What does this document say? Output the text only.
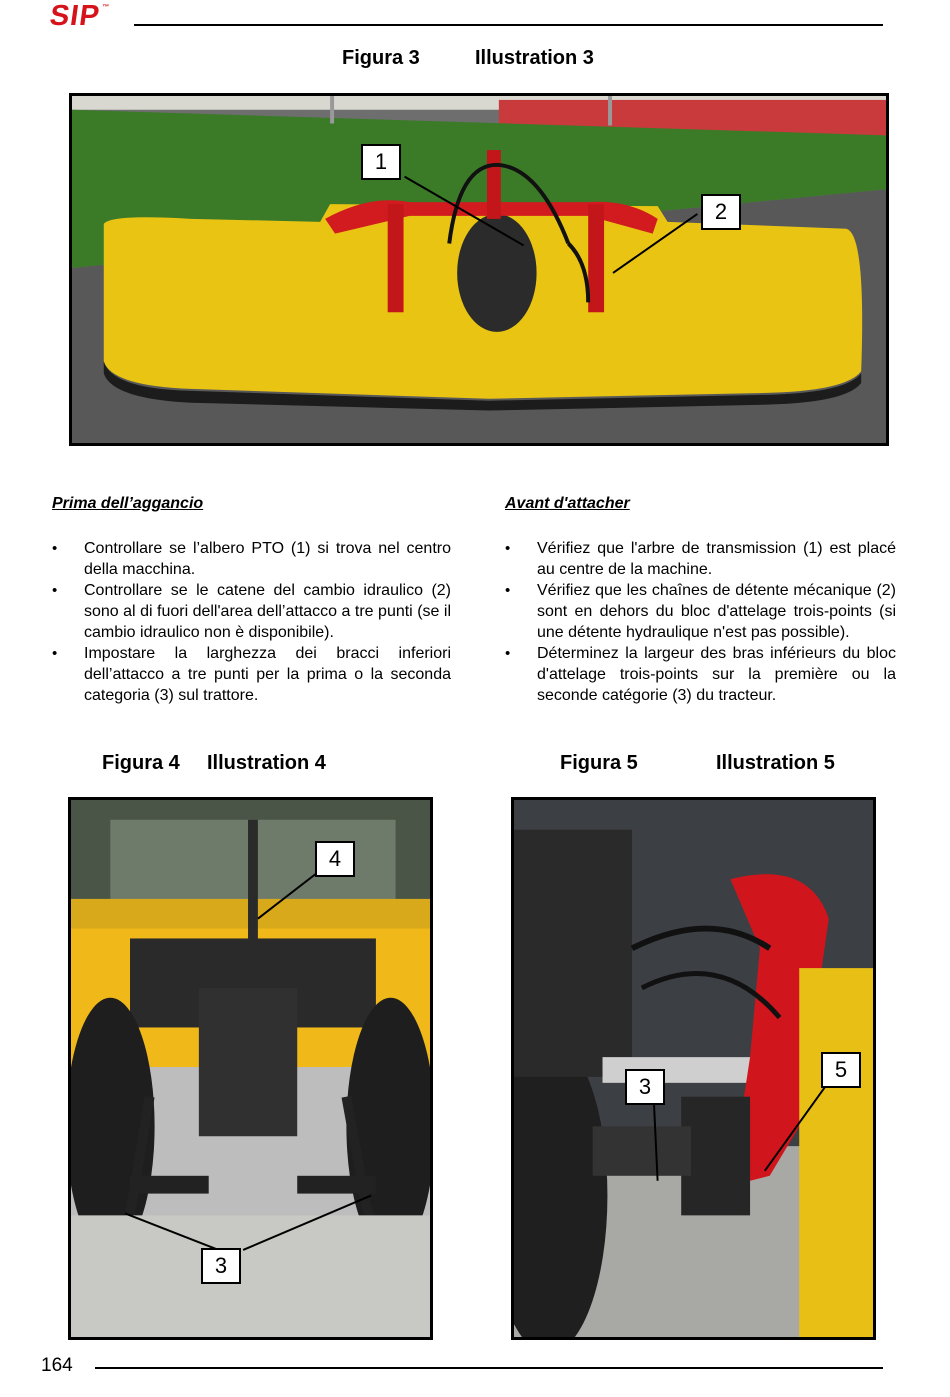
SIP™
Figura 3	Illustration 3
1
2
Prima dell’aggancio
• Controllare se l’albero PTO (1) si trova nel centro della macchina.
• Controllare se le catene del cambio idraulico (2) sono al di fuori dell'area dell’attacco a tre punti (se il cambio idraulico non è disponibile).
• Impostare la larghezza dei bracci inferiori dell’attacco a tre punti per la prima o la seconda categoria (3) sul trattore.
Avant d'attacher
• Vérifiez que l'arbre de transmission (1) est placé au centre de la machine.
• Vérifiez que les chaînes de détente mécanique (2) sont en dehors du bloc d'attelage trois-points (si une détente hydraulique n'est pas possible).
• Déterminez la largeur des bras inférieurs du bloc d'attelage trois-points sur la première ou la seconde catégorie (3) du tracteur.
Figura 4 Illustration 4
4
3
Figura 5	Illustration 5
3
5
164
